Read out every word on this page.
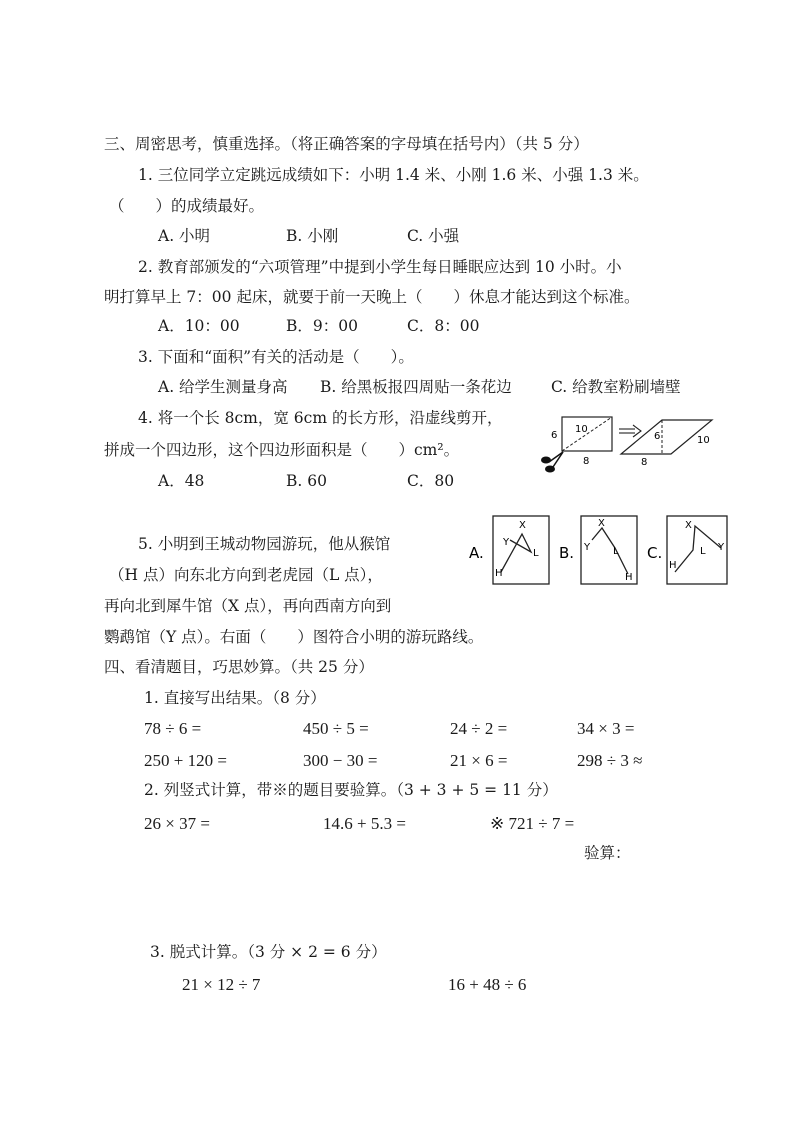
三、周密思考，慎重选择。（将正确答案的字母填在括号内）（共 5 分）
1. 三位同学立定跳远成绩如下：小明 1.4 米、小刚 1.6 米、小强 1.3 米。
（　　）的成绩最好。
A. 小明	B. 小刚	C. 小强
2. 教育部颁发的“六项管理”中提到小学生每日睡眠应达到 10 小时。小
明打算早上 7：00 起床，就要于前一天晚上（　　）休息才能达到这个标准。
A．10：00	B．9：00	C．8：00
3. 下面和“面积”有关的活动是（　　）。
A. 给学生测量身高 B. 给黑板报四周贴一条花边	C. 给教室粉刷墙壁
4. 将一个长 8cm，宽 6cm 的长方形，沿虚线剪开，
拼成一个四边形，这个四边形面积是（　　）cm²。
A．48	B. 60	C．80
6
10
8
6	10
8
5. 小明到王城动物园游玩，他从猴馆
（H 点）向东北方向到老虎园（L 点），
再向北到犀牛馆（X 点），再向西南方向到
鹦鹉馆（Y 点）。右面（　　）图符合小明的游玩路线。
A.
H
L
X
Y
B. Y
X
L
H
C.
H
L
X
Y
四、看清题目，巧思妙算。（共 25 分）
1. 直接写出结果。（8 分）
78 ÷ 6 =	450 ÷ 5 =	24 ÷ 2 =	34 × 3 =
250 + 120 =	300 − 30 =	21 × 6 =	298 ÷ 3 ≈
2. 列竖式计算，带※的题目要验算。（3 + 3 + 5 = 11 分）
26 × 37 =	14.6 + 5.3 =	※ 721 ÷ 7 =
验算：
3. 脱式计算。（3 分 × 2 = 6 分）
21 × 12 ÷ 7	16 + 48 ÷ 6
